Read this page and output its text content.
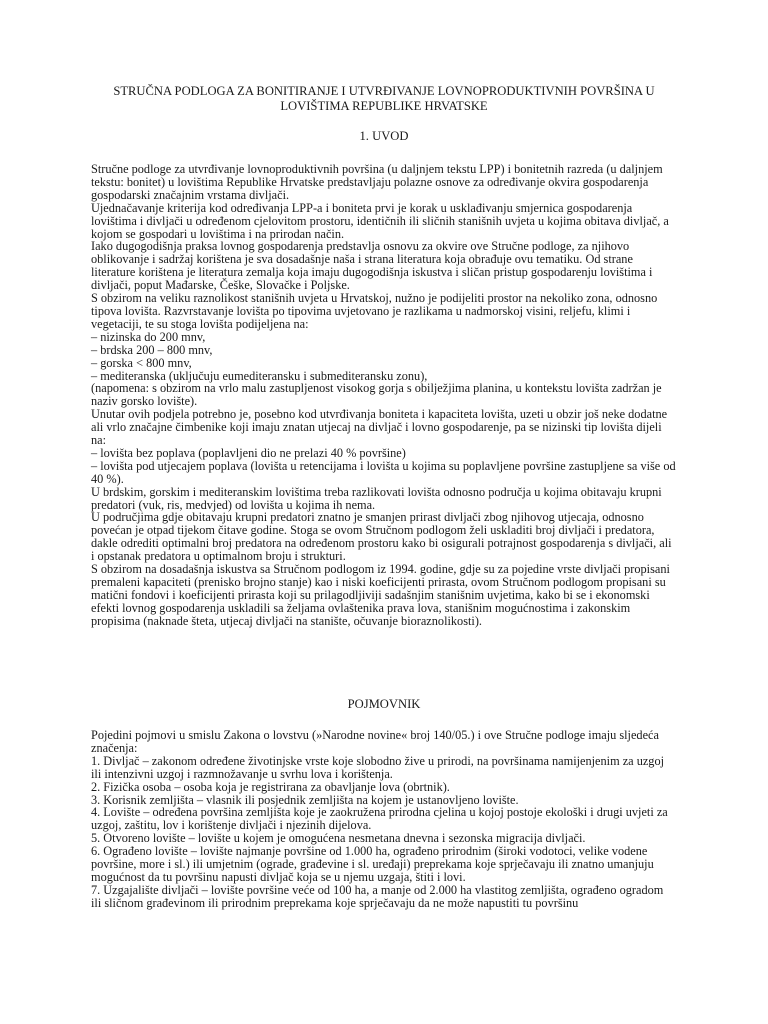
STRUČNA PODLOGA ZA BONITIRANJE I UTVRĐIVANJE LOVNOPRODUKTIVNIH POVRŠINA U LOVIŠTIMA REPUBLIKE HRVATSKE
1. UVOD

Stručne podloge za utvrđivanje lovnoproduktivnih površina (u daljnjem tekstu LPP) i bonitetnih razreda (u daljnjem tekstu: bonitet) u lovištima Republike Hrvatske predstavljaju polazne osnove za određivanje okvira gospodarenja gospodarski značajnim vrstama divljači.

Ujednačavanje kriterija kod određivanja LPP-a i boniteta prvi je korak u usklađivanju smjernica gospodarenja lovištima i divljači u određenom cjelovitom prostoru, identičnih ili sličnih stanišnih uvjeta u kojima obitava divljač, a kojom se gospodari u lovištima i na prirodan način.

Iako dugogodišnja praksa lovnog gospodarenja predstavlja osnovu za okvire ove Stručne podloge, za njihovo oblikovanje i sadržaj korištena je sva dosadašnje naša i strana literatura koja obrađuje ovu tematiku. Od strane literature korištena je literatura zemalja koja imaju dugogodišnja iskustva i sličan pristup gospodarenju lovištima i divljači, poput Mađarske, Češke, Slovačke i Poljske.

S obzirom na veliku raznolikost stanišnih uvjeta u Hrvatskoj, nužno je podijeliti prostor na nekoliko zona, odnosno tipova lovišta. Razvrstavanje lovišta po tipovima uvjetovano je razlikama u nadmorskoj visini, reljefu, klimi i vegetaciji, te su stoga lovišta podijeljena na:

– nizinska do 200 mnv,

– brdska 200 – 800 mnv,

– gorska < 800 mnv,

– mediteranska (uključuju eumediteransku i submediteransku zonu),

(napomena: s obzirom na vrlo malu zastupljenost visokog gorja s obilježjima planina, u kontekstu lovišta zadržan je naziv gorsko lovište).

Unutar ovih podjela potrebno je, posebno kod utvrđivanja boniteta i kapaciteta lovišta, uzeti u obzir još neke dodatne ali vrlo značajne čimbenike koji imaju znatan utjecaj na divljač i lovno gospodarenje, pa se nizinski tip lovišta dijeli na:

– lovišta bez poplava (poplavljeni dio ne prelazi 40 % površine)

– lovišta pod utjecajem poplava (lovišta u retencijama i lovišta u kojima su poplavljene površine zastupljene sa više od 40 %).

U brdskim, gorskim i mediteranskim lovištima treba razlikovati lovišta odnosno područja u kojima obitavaju krupni predatori (vuk, ris, medvjed) od lovišta u kojima ih nema.

U područjima gdje obitavaju krupni predatori znatno je smanjen prirast divljači zbog njihovog utjecaja, odnosno povećan je otpad tijekom čitave godine. Stoga se ovom Stručnom podlogom želi uskladiti broj divljači i predatora, dakle odrediti optimalni broj predatora na određenom prostoru kako bi osigurali potrajnost gospodarenja s divljači, ali i opstanak predatora u optimalnom broju i strukturi.

S obzirom na dosadašnja iskustva sa Stručnom podlogom iz 1994. godine, gdje su za pojedine vrste divljači propisani premaleni kapaciteti (prenisko brojno stanje) kao i niski koeficijenti prirasta, ovom Stručnom podlogom propisani su matični fondovi i koeficijenti prirasta koji su prilagodljiviji sadašnjim stanišnim uvjetima, kako bi se i ekonomski efekti lovnog gospodarenja uskladili sa željama ovlaštenika prava lova, stanišnim mogućnostima i zakonskim propisima (naknade šteta, utjecaj divljači na stanište, očuvanje bioraznolikosti).

POJMOVNIK

Pojedini pojmovi u smislu Zakona o lovstvu (»Narodne novine« broj 140/05.) i ove Stručne podloge imaju sljedeća značenja:

1. Divljač – zakonom određene životinjske vrste koje slobodno žive u prirodi, na površinama namijenjenim za uzgoj ili intenzivni uzgoj i razmnožavanje u svrhu lova i korištenja.

2. Fizička osoba – osoba koja je registrirana za obavljanje lova (obrtnik).

3. Korisnik zemljišta – vlasnik ili posjednik zemljišta na kojem je ustanovljeno lovište.

4. Lovište – određena površina zemljišta koje je zaokružena prirodna cjelina u kojoj postoje ekološki i drugi uvjeti za uzgoj, zaštitu, lov i korištenje divljači i njezinih dijelova.

5. Otvoreno lovište – lovište u kojem je omogućena nesmetana dnevna i sezonska migracija divljači.

6. Ograđeno lovište – lovište najmanje površine od 1.000 ha, ograđeno prirodnim (široki vodotoci, velike vodene površine, more i sl.) ili umjetnim (ograde, građevine i sl. uređaji) preprekama koje sprječavaju ili znatno umanjuju mogućnost da tu površinu napusti divljač koja se u njemu uzgaja, štiti i lovi.

7. Uzgajalište divljači – lovište površine veće od 100 ha, a manje od 2.000 ha vlastitog zemljišta, ograđeno ogradom ili sličnom građevinom ili prirodnim preprekama koje sprječavaju da ne može napustiti tu površinu
